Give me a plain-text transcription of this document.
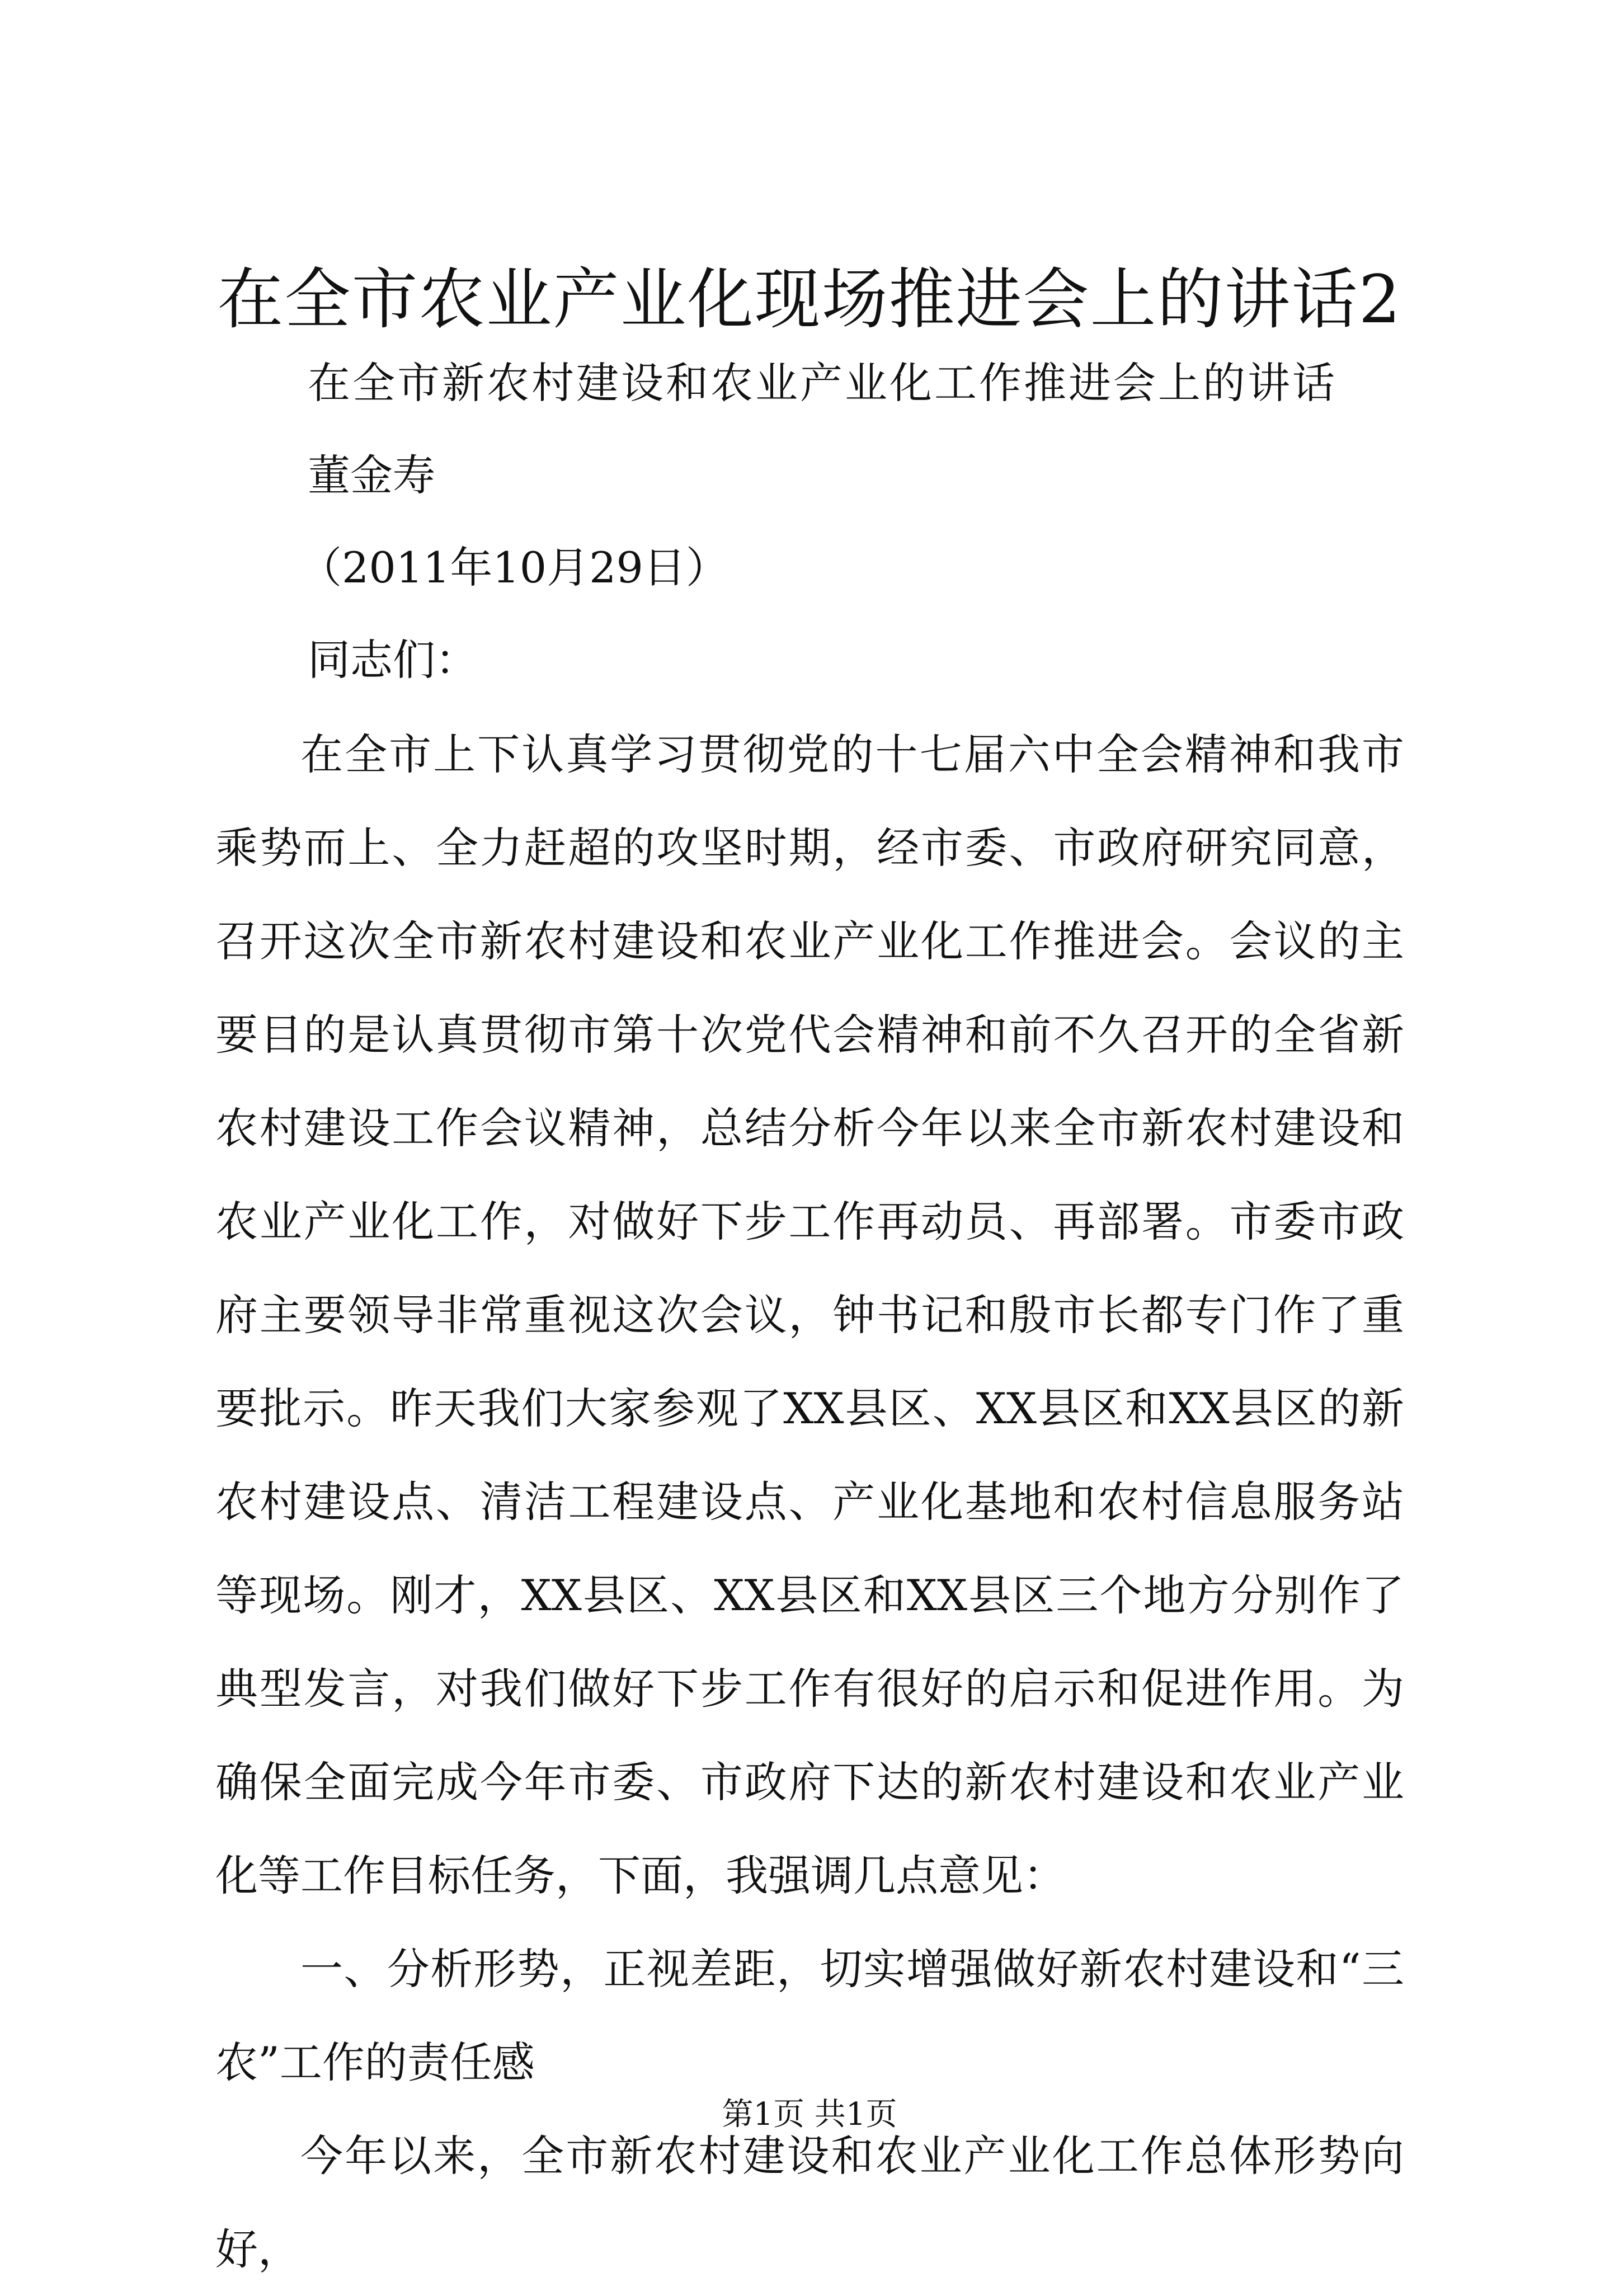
在全市农业产业化现场推进会上的讲话2
在全市新农村建设和农业产业化工作推进会上的讲话
董金寿
（2011年10月29日）
同志们：

在全市上下认真学习贯彻党的十七届六中全会精神和我市乘势而上、全力赶超的攻坚时期，经市委、市政府研究同意，召开这次全市新农村建设和农业产业化工作推进会。会议的主要目的是认真贯彻市第十次党代会精神和前不久召开的全省新农村建设工作会议精神，总结分析今年以来全市新农村建设和农业产业化工作，对做好下步工作再动员、再部署。市委市政府主要领导非常重视这次会议，钟书记和殷市长都专门作了重要批示。昨天我们大家参观了XX县区、XX县区和XX县区的新农村建设点、清洁工程建设点、产业化基地和农村信息服务站等现场。刚才，XX县区、XX县区和XX县区三个地方分别作了典型发言，对我们做好下步工作有很好的启示和促进作用。为确保全面完成今年市委、市政府下达的新农村建设和农业产业化等工作目标任务，下面，我强调几点意见：

一、分析形势，正视差距，切实增强做好新农村建设和“三农”工作的责任感

今年以来，全市新农村建设和农业产业化工作总体形势向好，

第1页 共1页
